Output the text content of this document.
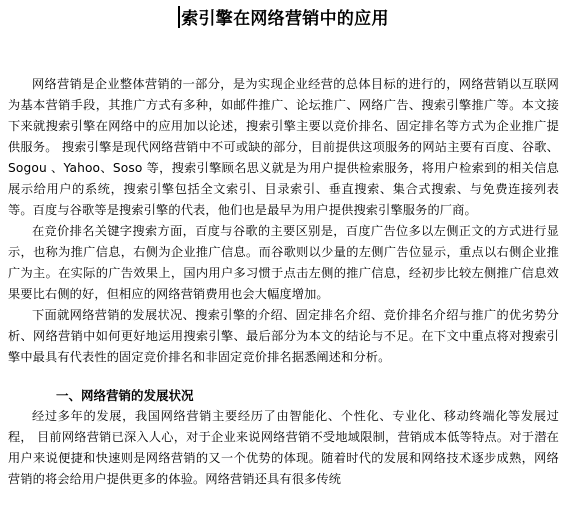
索引擎在网络营销中的应用

网络营销是企业整体营销的一部分，是为实现企业经营的总体目标的进行的，网络营销以互联网为基本营销手段，其推广方式有多种，如邮件推广、论坛推广、网络广告、搜索引擎推广等。本文接下来就搜索引擎在网络中的应用加以论述，搜索引擎主要以竞价排名、固定排名等方式为企业推广提供服务。 搜索引擎是现代网络营销中不可或缺的部分，目前提供这项服务的网站主要有百度、谷歌、Sogou 、Yahoo、Soso 等，搜索引擎顾名思义就是为用户提供检索服务，将用户检索到的相关信息展示给用户的系统，搜索引擎包括全文索引、目录索引、垂直搜索、集合式搜索、与免费连接列表等。百度与谷歌等是搜索引擎的代表，他们也是最早为用户提供搜索引擎服务的厂商。

在竞价排名关键字搜索方面，百度与谷歌的主要区别是，百度广告位多以左侧正文的方式进行显示，也称为推广信息，右侧为企业推广信息。而谷歌则以少量的左侧广告位显示，重点以右侧企业推广为主。在实际的广告效果上，国内用户多习惯于点击左侧的推广信息，经初步比较左侧推广信息效果要比右侧的好，但相应的网络营销费用也会大幅度增加。

下面就网络营销的发展状况、搜索引擎的介绍、固定排名介绍、竞价排名介绍与推广的优劣势分析、网络营销中如何更好地运用搜索引擎、最后部分为本文的结论与不足。在下文中重点将对搜索引擎中最具有代表性的固定竞价排名和非固定竞价排名据悉阐述和分析。

一、网络营销的发展状况

经过多年的发展，我国网络营销主要经历了由智能化、个性化、专业化、移动终端化等发展过程， 目前网络营销已深入人心，对于企业来说网络营销不受地域限制，营销成本低等特点。对于潜在用户来说便捷和快速则是网络营销的又一个优势的体现。随着时代的发展和网络技术逐步成熟，网络营销的将会给用户提供更多的体验。网络营销还具有很多传统
